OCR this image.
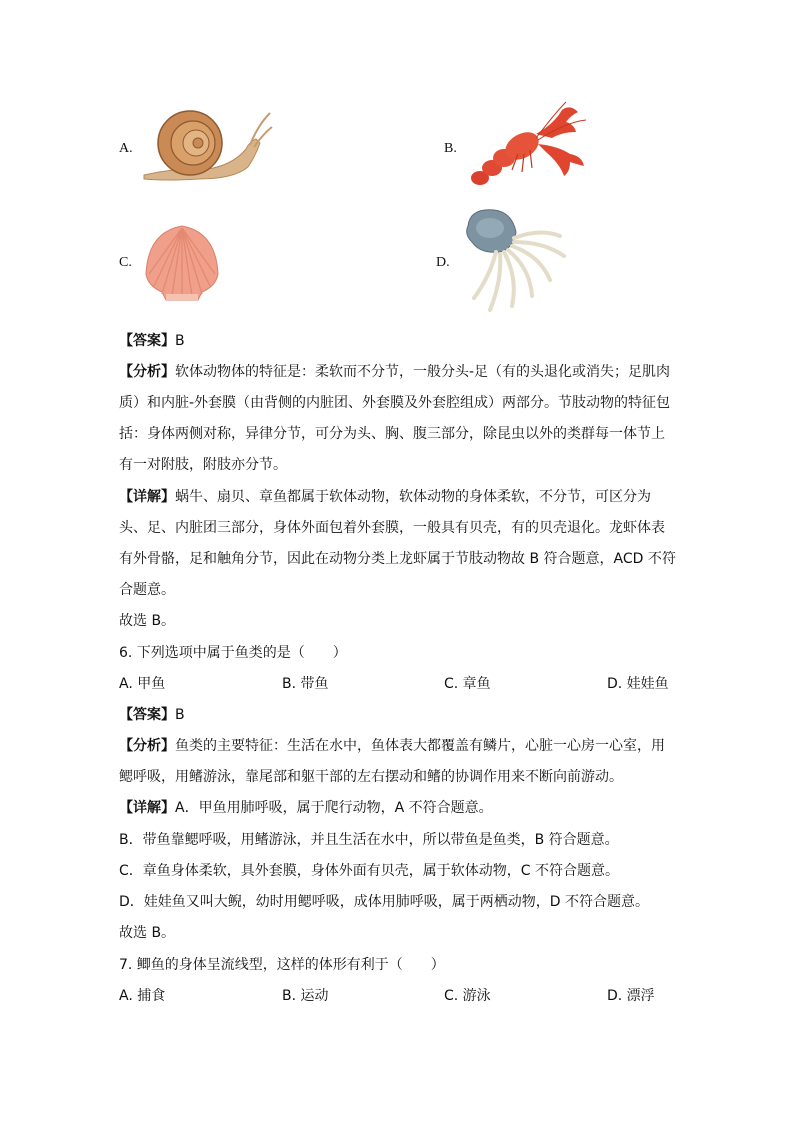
A.	B.
C.	D.
【答案】B
【分析】软体动物体的特征是：柔软而不分节，一般分头-足（有的头退化或消失；足肌肉
质）和内脏-外套膜（由背侧的内脏团、外套膜及外套腔组成）两部分。节肢动物的特征包
括：身体两侧对称，异律分节，可分为头、胸、腹三部分，除昆虫以外的类群每一体节上
有一对附肢，附肢亦分节。
【详解】蜗牛、扇贝、章鱼都属于软体动物，软体动物的身体柔软，不分节，可区分为
头、足、内脏团三部分，身体外面包着外套膜，一般具有贝壳，有的贝壳退化。龙虾体表
有外骨骼，足和触角分节，因此在动物分类上龙虾属于节肢动物故 B 符合题意，ACD 不符
合题意。
故选 B。
6. 下列选项中属于鱼类的是（　　）
A. 甲鱼	B. 带鱼	C. 章鱼	D. 娃娃鱼
【答案】B
【分析】鱼类的主要特征：生活在水中，鱼体表大都覆盖有鳞片，心脏一心房一心室，用
鳃呼吸，用鳍游泳，靠尾部和躯干部的左右摆动和鳍的协调作用来不断向前游动。
【详解】A．甲鱼用肺呼吸，属于爬行动物，A 不符合题意。
B．带鱼靠鳃呼吸，用鳍游泳，并且生活在水中，所以带鱼是鱼类，B 符合题意。
C．章鱼身体柔软，具外套膜，身体外面有贝壳，属于软体动物，C 不符合题意。
D．娃娃鱼又叫大鲵，幼时用鳃呼吸，成体用肺呼吸，属于两栖动物，D 不符合题意。
故选 B。
7. 鲫鱼的身体呈流线型，这样的体形有利于（　　）
A. 捕食	B. 运动	C. 游泳	D. 漂浮
